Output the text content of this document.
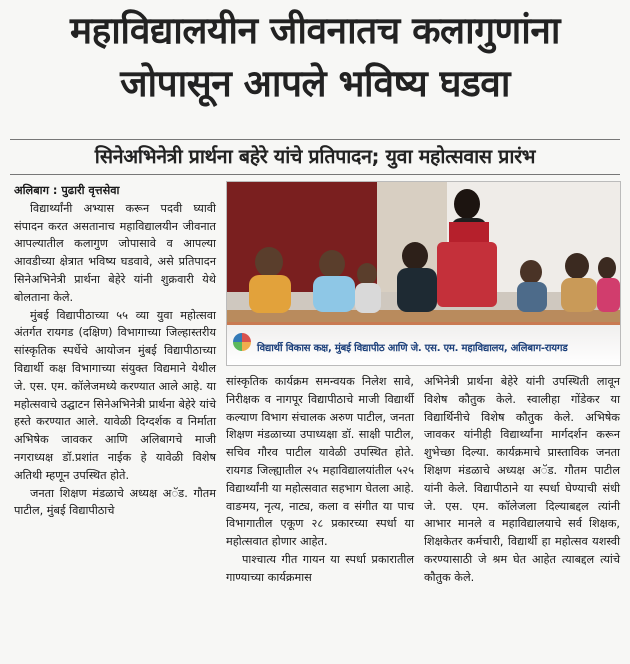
महाविद्यालयीन जीवनातच कलागुणांना
जोपासून आपले भविष्य घडवा
सिनेअभिनेत्री प्रार्थना बहेरे यांचे प्रतिपादन; युवा महोत्सवास प्रारंभ
अलिबाग : पुढारी वृत्तसेवा

विद्यार्थ्यांनी अभ्यास करून पदवी घ्यावी संपादन करत असतानाच महाविद्यालयीन जीवनात आपल्यातील कलागुण जोपासावे व आपल्या आवडीच्या क्षेत्रात भविष्य घडवावे, असे प्रतिपादन सिनेअभिनेत्री प्रार्थना बेहेरे यांनी शुक्रवारी येथे बोलताना केले.

मुंबई विद्यापीठाच्या ५५ व्या युवा महोत्सवा अंतर्गत रायगड (दक्षिण) विभागाच्या जिल्हास्तरीय सांस्कृतिक स्पर्धेचे आयोजन मुंबई विद्यापीठाच्या विद्यार्थी कक्ष विभागाच्या संयुक्त विद्यमाने येथील जे. एस. एम. कॉलेजमध्ये करण्यात आले आहे. या महोत्सवाचे उद्घाटन सिनेअभिनेत्री प्रार्थना बेहेरे यांचे हस्ते करण्यात आले. यावेळी दिग्दर्शक व निर्माता अभिषेक जावकर आणि अलिबागचे माजी नगराध्यक्ष डॉ.प्रशांत नाईक हे यावेळी विशेष अतिथी म्हणून उपस्थित होते.

जनता शिक्षण मंडळाचे अध्यक्ष अॅड. गौतम पाटील, मुंबई विद्यापीठाचे

विद्यार्थी विकास कक्ष, मुंबई विद्यापीठ आणि जे. एस. एम. महाविद्यालय, अलिबाग-रायगड

सांस्कृतिक कार्यक्रम समन्वयक निलेश सावे, निरीक्षक व नागपूर विद्यापीठाचे माजी विद्यार्थी कल्याण विभाग संचालक अरुण पाटील, जनता शिक्षण मंडळाच्या उपाध्यक्षा डॉ. साक्षी पाटील, सचिव गौरव पाटील यावेळी उपस्थित होते. रायगड जिल्ह्यातील २५ महाविद्यालयांतील ५२५ विद्यार्थ्यांनी या महोत्सवात सहभाग घेतला आहे. वाङमय, नृत्य, नाट्य, कला व संगीत या पाच विभागातील एकूण २८ प्रकारच्या स्पर्धा या महोत्सवात होणार आहेत.

पाश्चात्य गीत गायन या स्पर्धा प्रकारातील गाण्याच्या कार्यक्रमास

अभिनेत्री प्रार्थना बेहेरे यांनी उपस्थिती लावून विशेष कौतुक केले. स्वालीहा गोंडेकर या विद्यार्थिनीचे विशेष कौतुक केले. अभिषेक जावकर यांनीही विद्यार्थ्यांना मार्गदर्शन करून शुभेच्छा दिल्या. कार्यक्रमाचे प्रास्ताविक जनता शिक्षण मंडळाचे अध्यक्ष अॅड. गौतम पाटील यांनी केले. विद्यापीठाने या स्पर्धा घेण्याची संधी जे. एस. एम. कॉलेजला दिल्याबद्दल त्यांनी आभार मानले व महाविद्यालयाचे सर्व शिक्षक, शिक्षकेतर कर्मचारी, विद्यार्थी हा महोत्सव यशस्वी करण्यासाठी जे श्रम घेत आहेत त्याबद्दल त्यांचे कौतुक केले.
